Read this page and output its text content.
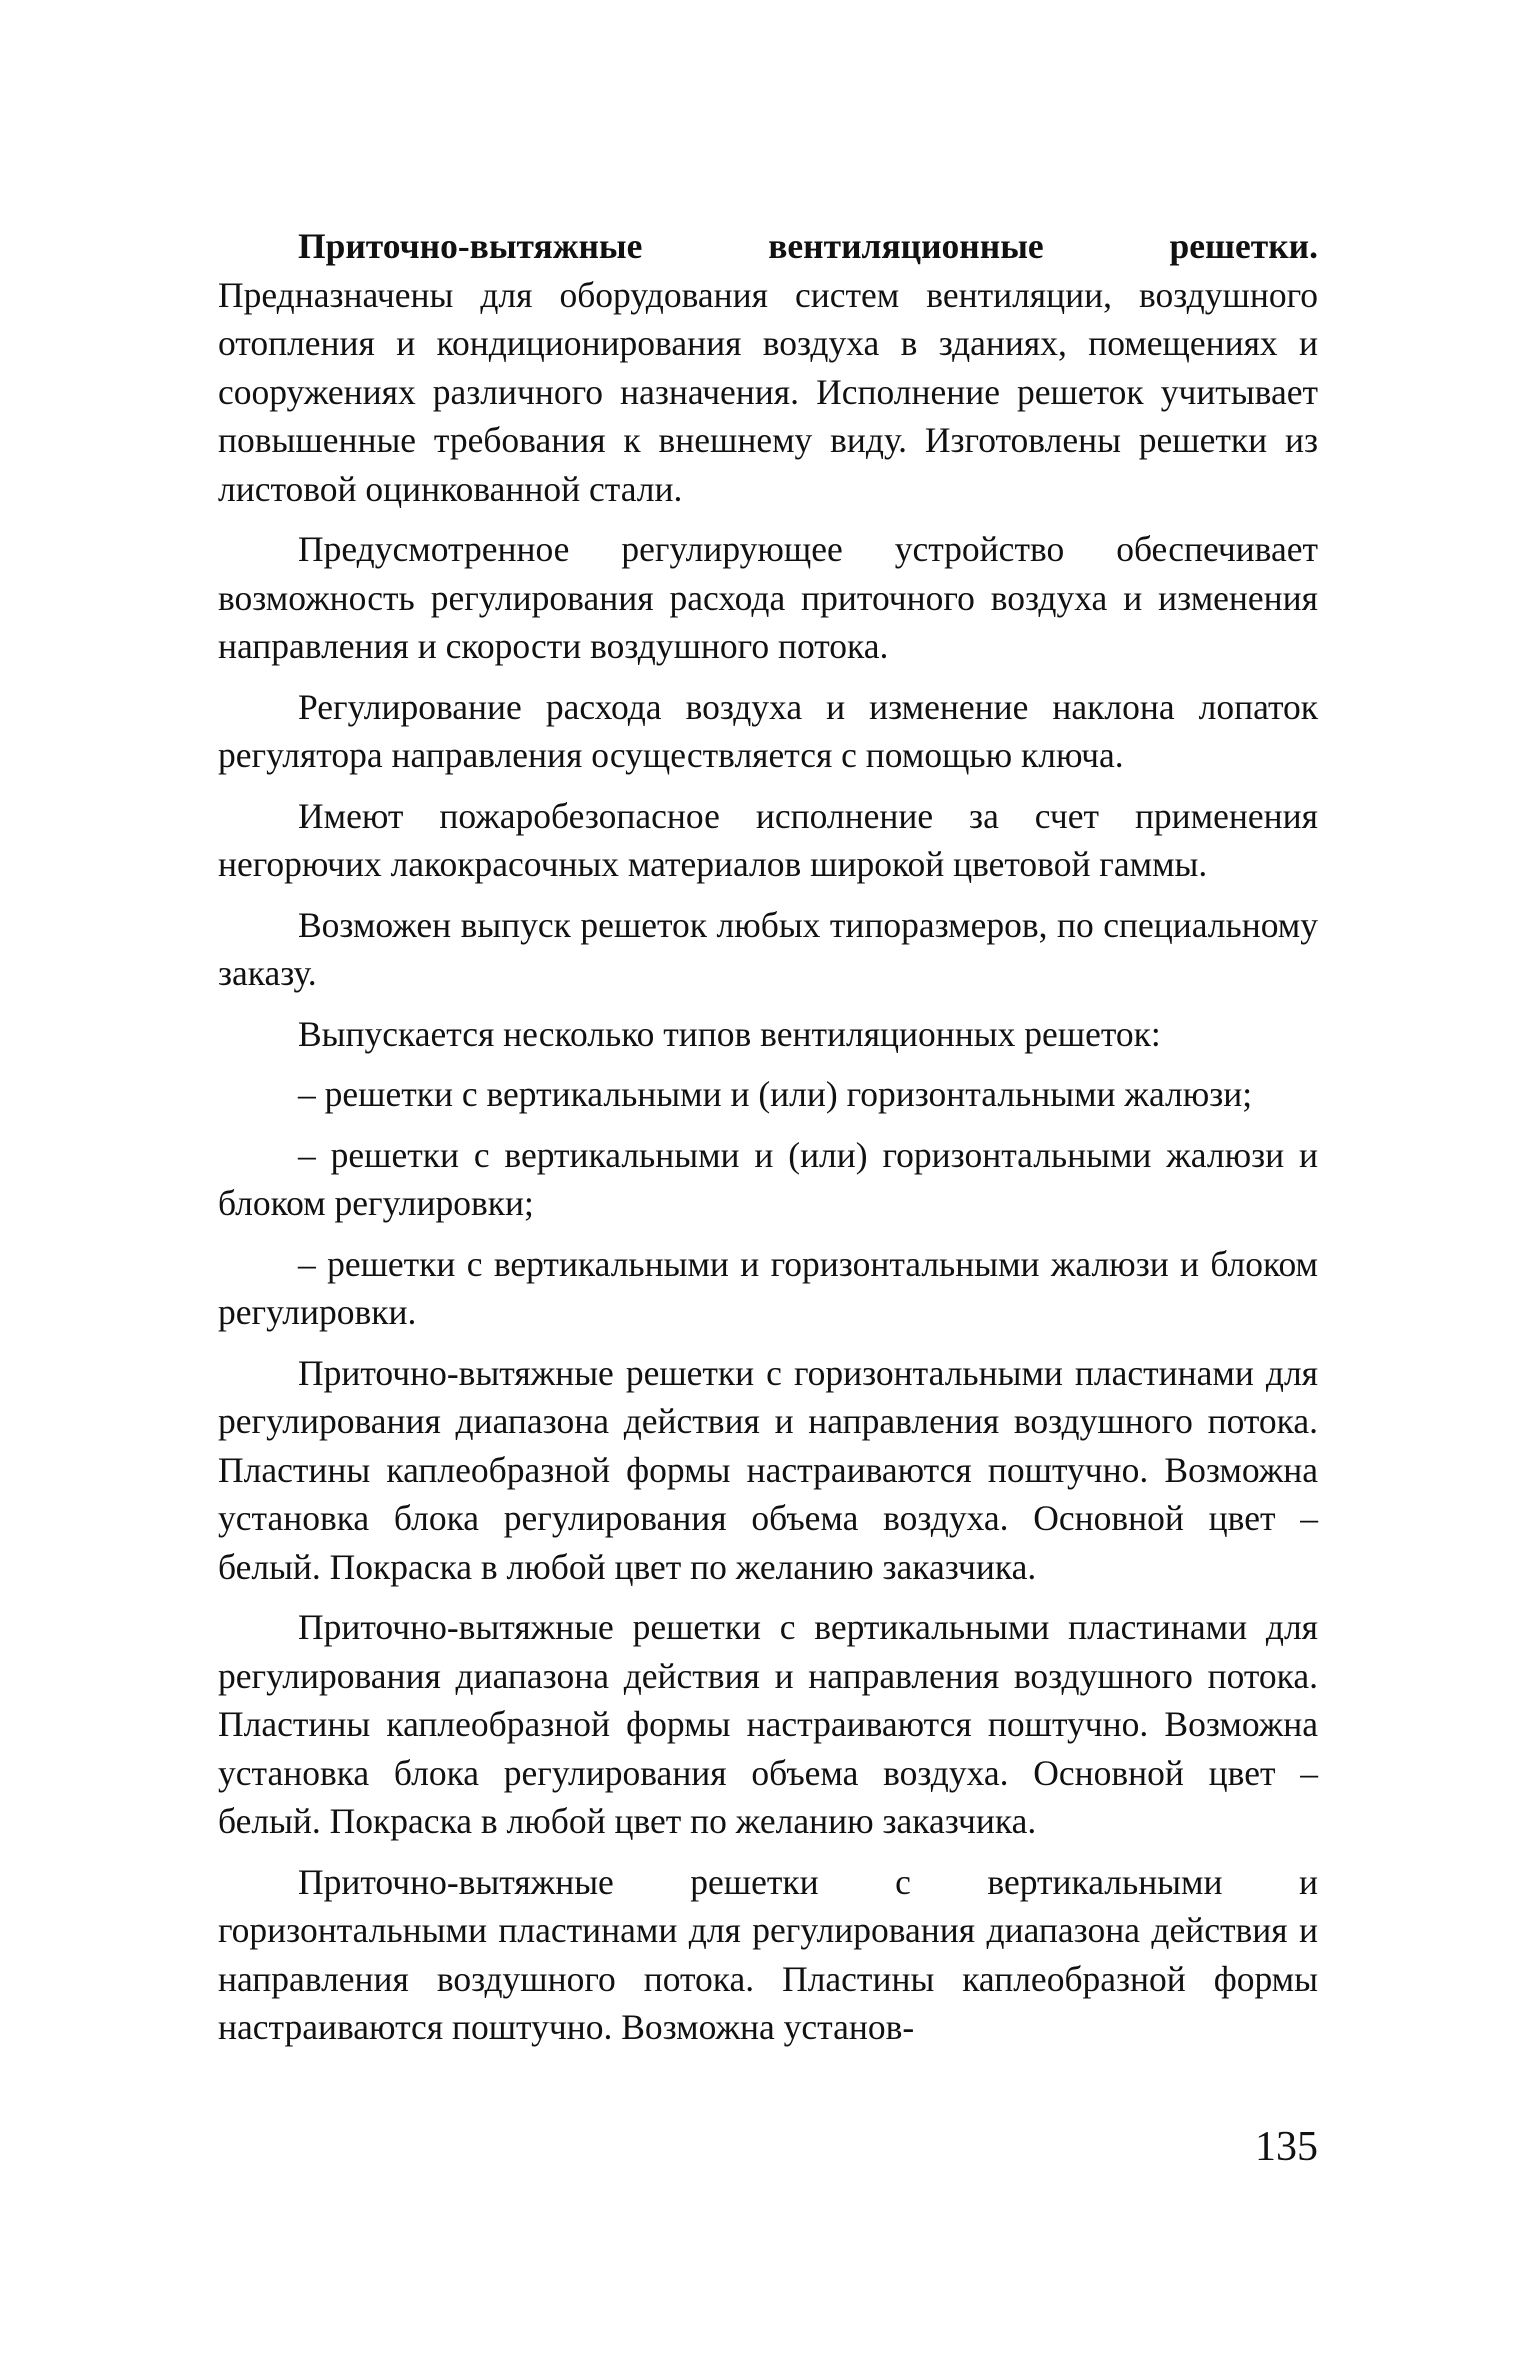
Приточно-вытяжные вентиляционные решетки. Предназначены для оборудования систем вентиляции, воздушного отопления и кондиционирования воздуха в зданиях, помещениях и сооружениях различного назначения. Исполнение решеток учитывает повышенные требования к внешнему виду. Изготовлены решетки из листовой оцинкованной стали.

Предусмотренное регулирующее устройство обеспечивает возможность регулирования расхода приточного воздуха и изменения направления и скорости воздушного потока.

Регулирование расхода воздуха и изменение наклона лопаток регулятора направления осуществляется с помощью ключа.

Имеют пожаробезопасное исполнение за счет применения негорючих лакокрасочных материалов широкой цветовой гаммы.

Возможен выпуск решеток любых типоразмеров, по специальному заказу.

Выпускается несколько типов вентиляционных решеток:

– решетки с вертикальными и (или) горизонтальными жалюзи;

– решетки с вертикальными и (или) горизонтальными жалюзи и блоком регулировки;

– решетки с вертикальными и горизонтальными жалюзи и блоком регулировки.

Приточно-вытяжные решетки с горизонтальными пластинами для регулирования диапазона действия и направления воздушного потока. Пластины каплеобразной формы настраиваются поштучно. Возможна установка блока регулирования объема воздуха. Основной цвет – белый. Покраска в любой цвет по желанию заказчика.

Приточно-вытяжные решетки с вертикальными пластинами для регулирования диапазона действия и направления воздушного потока. Пластины каплеобразной формы настраиваются поштучно. Возможна установка блока регулирования объема воздуха. Основной цвет – белый. Покраска в любой цвет по желанию заказчика.

Приточно-вытяжные решетки с вертикальными и горизонтальными пластинами для регулирования диапазона действия и направления воздушного потока. Пластины каплеобразной формы настраиваются поштучно. Возможна установ-

135
